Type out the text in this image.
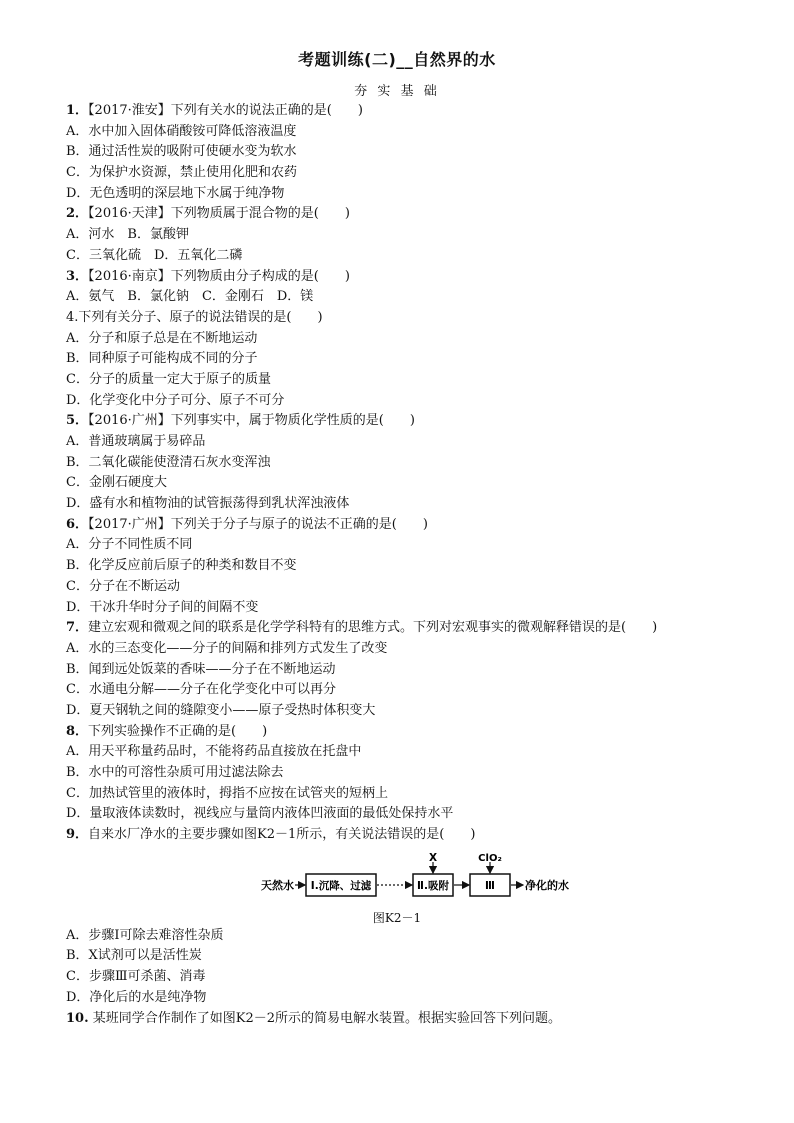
考题训练(二)__自然界的水
夯 实 基 础
1．【2017·淮安】下列有关水的说法正确的是(　　)
A．水中加入固体硝酸铵可降低溶液温度
B．通过活性炭的吸附可使硬水变为软水
C．为保护水资源，禁止使用化肥和农药
D．无色透明的深层地下水属于纯净物
2．【2016·天津】下列物质属于混合物的是(　　)
A．河水　B．氯酸钾
C．三氧化硫　D．五氧化二磷
3．【2016·南京】下列物质由分子构成的是(　　)
A．氨气　B．氯化钠　C．金刚石　D．镁
4.下列有关分子、原子的说法错误的是(　　)
A．分子和原子总是在不断地运动
B．同种原子可能构成不同的分子
C．分子的质量一定大于原子的质量
D．化学变化中分子可分、原子不可分
5．【2016·广州】下列事实中，属于物质化学性质的是(　　)
A．普通玻璃属于易碎品
B．二氧化碳能使澄清石灰水变浑浊
C．金刚石硬度大
D．盛有水和植物油的试管振荡得到乳状浑浊液体
6．【2017·广州】下列关于分子与原子的说法不正确的是(　　)
A．分子不同性质不同
B．化学反应前后原子的种类和数目不变
C．分子在不断运动
D．干冰升华时分子间的间隔不变
7．建立宏观和微观之间的联系是化学学科特有的思维方式。下列对宏观事实的微观解释错误的是(　　)
A．水的三态变化——分子的间隔和排列方式发生了改变
B．闻到远处饭菜的香味——分子在不断地运动
C．水通电分解——分子在化学变化中可以再分
D．夏天钢轨之间的缝隙变小——原子受热时体积变大
8．下列实验操作不正确的是(　　)
A．用天平称量药品时，不能将药品直接放在托盘中
B．水中的可溶性杂质可用过滤法除去
C．加热试管里的液体时，拇指不应按在试管夹的短柄上
D．量取液体读数时，视线应与量筒内液体凹液面的最低处保持水平
9．自来水厂净水的主要步骤如图K2－1所示，有关说法错误的是(　　)
天然水 Ⅰ.沉降、过滤	Ⅱ.吸附
X
Ⅲ
ClO₂
净化的水
图K2－1
A．步骤Ⅰ可除去难溶性杂质
B．X试剂可以是活性炭
C．步骤Ⅲ可杀菌、消毒
D．净化后的水是纯净物
10. 某班同学合作制作了如图K2－2所示的简易电解水装置。根据实验回答下列问题。
